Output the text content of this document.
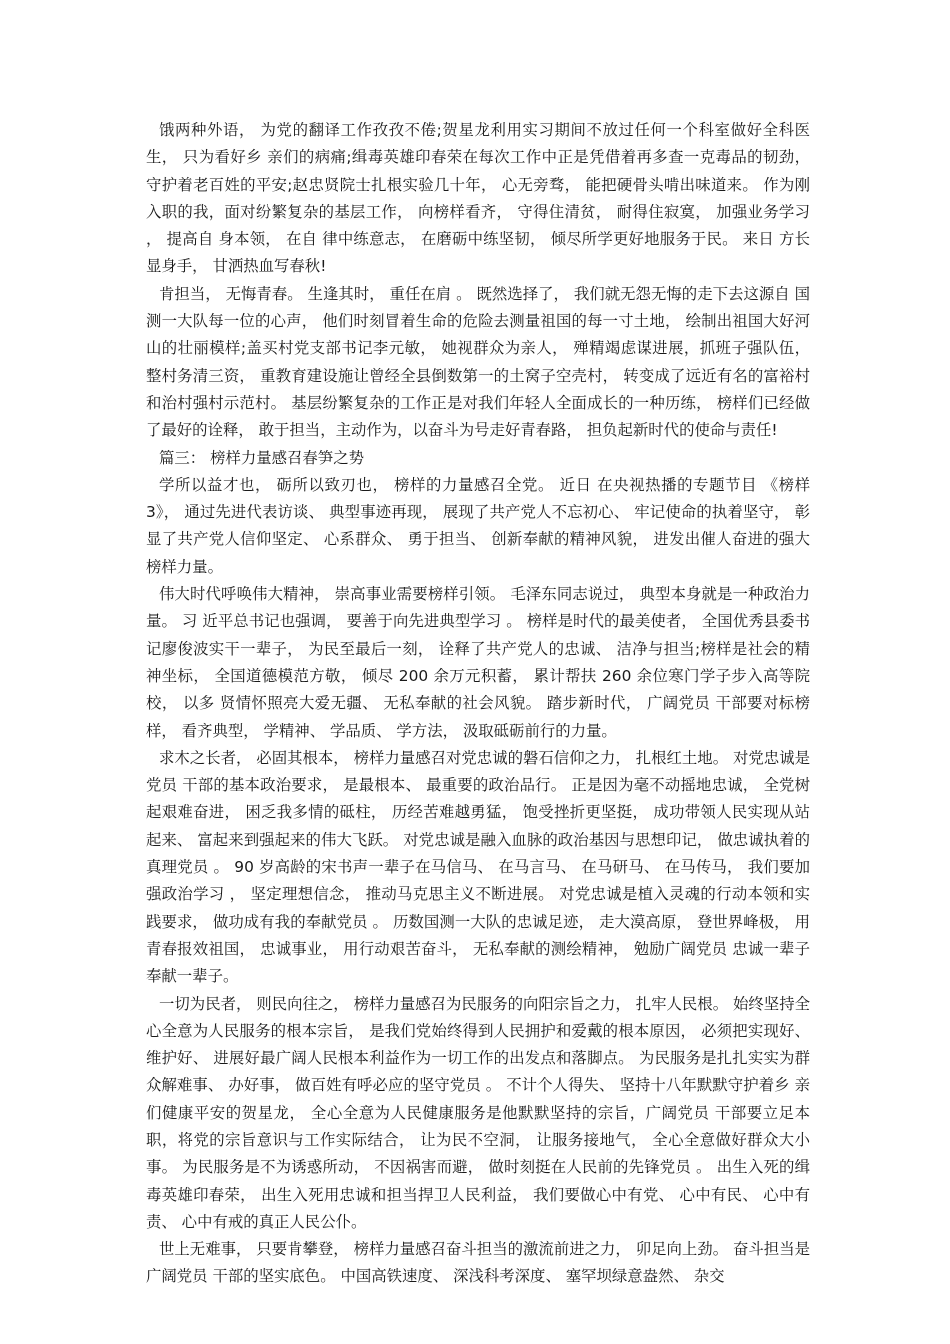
饿两种外语， 为党的翻译工作孜孜不倦;贺星龙利用实习期间不放过任何一个科室做好全科医生， 只为看好乡 亲们的病痛;缉毒英雄印春荣在每次工作中正是凭借着再多查一克毒品的韧劲， 守护着老百姓的平安;赵忠贤院士扎根实验几十年， 心无旁骛， 能把硬骨头啃出味道来。 作为刚入职的我，面对纷繁复杂的基层工作， 向榜样看齐， 守得住清贫， 耐得住寂寞， 加强业务学习 ， 提高自 身本领， 在自 律中练意志， 在磨砺中练坚韧， 倾尽所学更好地服务于民。 来日 方长显身手， 甘洒热血写春秋!

肯担当， 无悔青春。 生逢其时， 重任在肩 。 既然选择了， 我们就无怨无悔的走下去这源自 国测一大队每一位的心声， 他们时刻冒着生命的危险去测量祖国的每一寸土地， 绘制出祖国大好河山的壮丽模样;盖买村党支部书记李元敏， 她视群众为亲人， 殚精竭虑谋进展，抓班子强队伍， 整村务清三资， 重教育建设施让曾经全县倒数第一的土窝子空壳村， 转变成了远近有名的富裕村和治村强村示范村。 基层纷繁复杂的工作正是对我们年轻人全面成长的一种历练， 榜样们已经做了最好的诠释， 敢于担当，主动作为，以奋斗为号走好青春路， 担负起新时代的使命与责任!

篇三： 榜样力量感召春笋之势

学所以益才也， 砺所以致刃也， 榜样的力量感召全党。 近日 在央视热播的专题节目 《榜样 3》， 通过先进代表访谈、 典型事迹再现， 展现了共产党人不忘初心、 牢记使命的执着坚守， 彰显了共产党人信仰坚定、 心系群众、 勇于担当、 创新奉献的精神风貌， 进发出催人奋进的强大榜样力量。

伟大时代呼唤伟大精神， 崇高事业需要榜样引领。 毛泽东同志说过， 典型本身就是一种政治力量。 习 近平总书记也强调， 要善于向先进典型学习 。 榜样是时代的最美使者， 全国优秀县委书记廖俊波实干一辈子， 为民至最后一刻， 诠释了共产党人的忠诚、 洁净与担当;榜样是社会的精神坐标， 全国道德模范方敬， 倾尽 200 余万元积蓄， 累计帮扶 260 余位寒门学子步入高等院校， 以多 贤情怀照亮大爱无疆、 无私奉献的社会风貌。 踏步新时代， 广阔党员 干部要对标榜样， 看齐典型， 学精神、 学品质、 学方法， 汲取砥砺前行的力量。

求木之长者， 必固其根本， 榜样力量感召对党忠诚的磐石信仰之力， 扎根红土地。 对党忠诚是党员 干部的基本政治要求， 是最根本、 最重要的政治品行。 正是因为毫不动摇地忠诚， 全党树起艰难奋进， 困乏我多情的砥柱， 历经苦难越勇猛， 饱受挫折更坚挺， 成功带领人民实现从站起来、 富起来到强起来的伟大飞跃。 对党忠诚是融入血脉的政治基因与思想印记， 做忠诚执着的真理党员 。 90 岁高龄的宋书声一辈子在马信马、 在马言马、 在马研马、 在马传马， 我们要加强政治学习 ， 坚定理想信念， 推动马克思主义不断进展。 对党忠诚是植入灵魂的行动本领和实践要求， 做功成有我的奉献党员 。 历数国测一大队的忠诚足迹， 走大漠高原， 登世界峰极， 用青春报效祖国， 忠诚事业， 用行动艰苦奋斗， 无私奉献的测绘精神， 勉励广阔党员 忠诚一辈子奉献一辈子。

一切为民者， 则民向往之， 榜样力量感召为民服务的向阳宗旨之力， 扎牢人民根。 始终坚持全心全意为人民服务的根本宗旨， 是我们党始终得到人民拥护和爱戴的根本原因， 必须把实现好、 维护好、 进展好最广阔人民根本利益作为一切工作的出发点和落脚点。 为民服务是扎扎实实为群众解难事、 办好事， 做百姓有呼必应的坚守党员 。 不计个人得失、 坚持十八年默默守护着乡 亲们健康平安的贺星龙， 全心全意为人民健康服务是他默默坚持的宗旨，广阔党员 干部要立足本职，将党的宗旨意识与工作实际结合， 让为民不空洞， 让服务接地气， 全心全意做好群众大小事。 为民服务是不为诱惑所动， 不因祸害而避， 做时刻挺在人民前的先锋党员 。 出生入死的缉毒英雄印春荣， 出生入死用忠诚和担当捍卫人民利益， 我们要做心中有党、 心中有民、 心中有责、 心中有戒的真正人民公仆。

世上无难事， 只要肯攀登， 榜样力量感召奋斗担当的激流前进之力， 卯足向上劲。 奋斗担当是广阔党员 干部的坚实底色。 中国高铁速度、 深浅科考深度、 塞罕坝绿意盎然、 杂交
